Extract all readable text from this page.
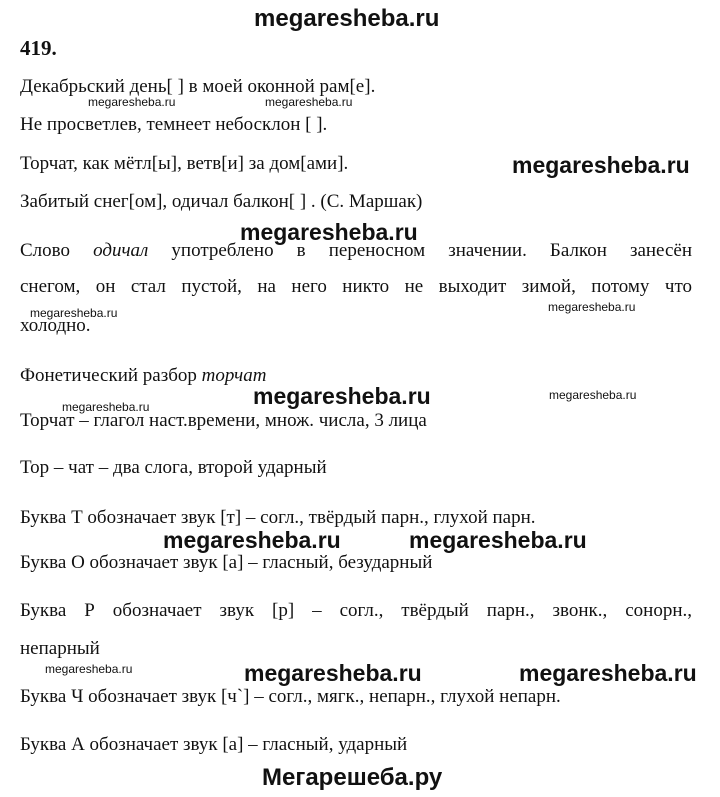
megaresheba.ru
419.
Декабрьский день[ ] в моей оконной рам[е].
megaresheba.ru	megaresheba.ru
Не просветлев, темнеет небосклон [ ].
Торчат, как мётл[ы], ветв[и] за дом[ами].	megaresheba.ru
Забитый снег[ом], одичал балкон[ ] . (С. Маршак)
megaresheba.ru
Слово одичал употреблено в переносном значении. Балкон занесён
снегом, он стал пустой, на него никто не выходит зимой, потому что
megaresheba.ru
megaresheba.ru
холодно.
Фонетический разбор торчат
megaresheba.ru	megaresheba.ru
megaresheba.ru
Торчат – глагол наст.времени, множ. числа, 3 лица
Тор – чат – два слога, второй ударный
Буква Т обозначает звук [т] – согл., твёрдый парн., глухой парн.
megaresheba.ru	megaresheba.ru
Буква О обозначает звук [а] – гласный, безударный
Буква Р обозначает звук [р] – согл., твёрдый парн., звонк., сонорн.,
непарный
megaresheba.ru	megaresheba.ru
megaresheba.ru
Буква Ч обозначает звук [ч`] – согл., мягк., непарн., глухой непарн.
Буква А обозначает звук [а] – гласный, ударный
Мегарешеба.ру
